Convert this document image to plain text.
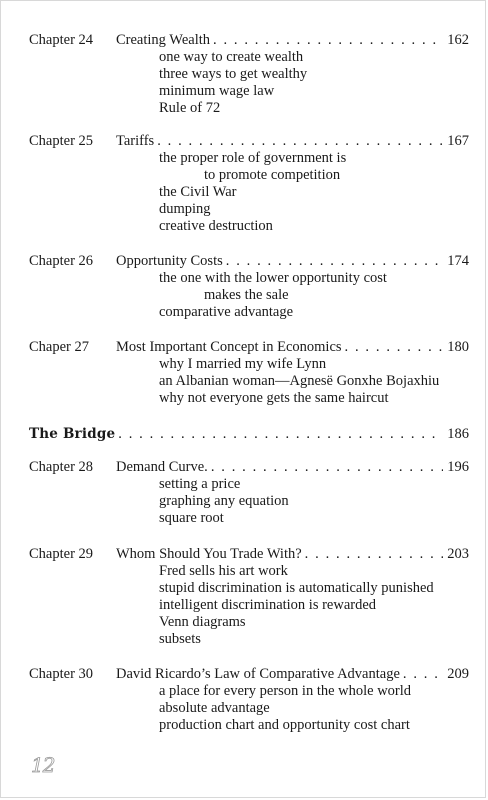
Chapter 24 Creating Wealth . . .	162
one way to create wealth
three ways to get wealthy
minimum wage law
Rule of 72
Chapter 25 Tariffs . . .	167
the proper role of government is
to promote competition
the Civil War
dumping
creative destruction
Chapter 26 Opportunity Costs . . .	174
the one with the lower opportunity cost
makes the sale
comparative advantage
Chaper 27 Most Important Concept in Economics . . .	180
why I married my wife Lynn
an Albanian woman—Agnesë Gonxhe Bojaxhiu
why not everyone gets the same haircut
The Bridge . . .	186
Chapter 28 Demand Curve. . . .	196
setting a price
graphing any equation
square root
Chapter 29 Whom Should You Trade With? . . .	203
Fred sells his art work
stupid discrimination is automatically punished
intelligent discrimination is rewarded
Venn diagrams
subsets
Chapter 30 David Ricardo’s Law of Comparative Advantage . . .	209
a place for every person in the whole world
absolute advantage
production chart and opportunity cost chart
12
